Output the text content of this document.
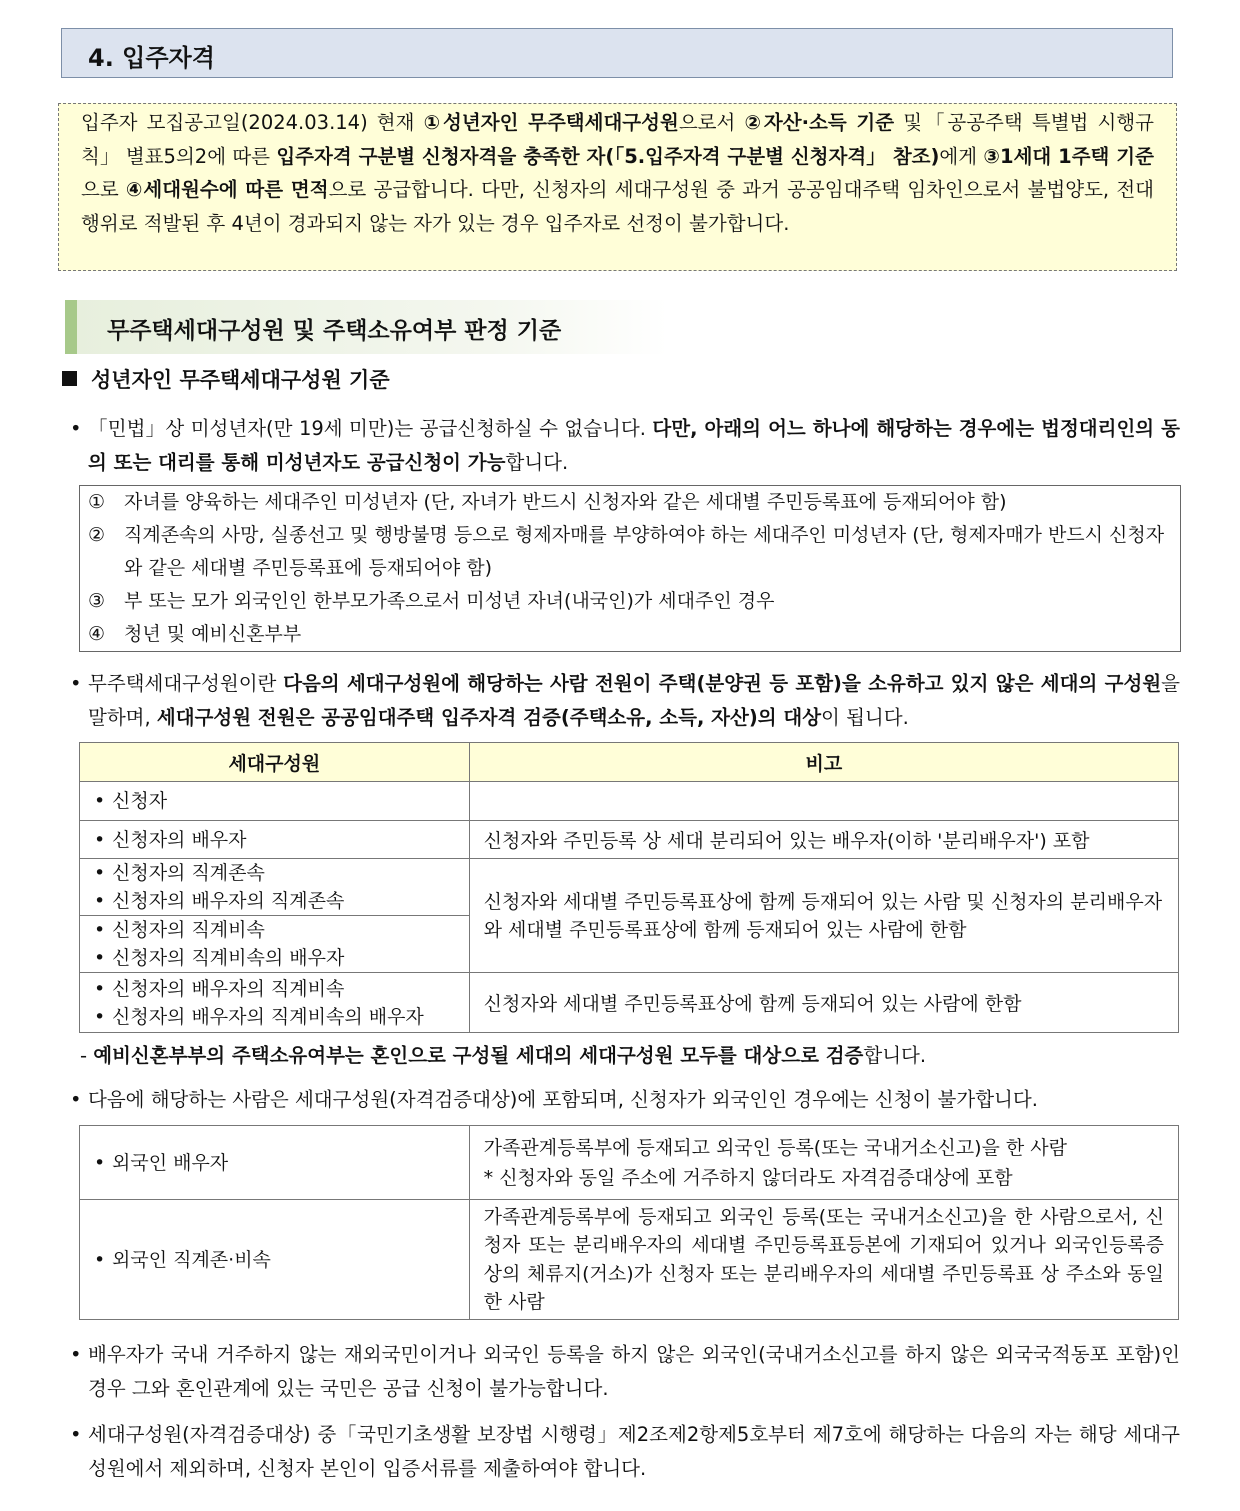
4. 입주자격
입주자 모집공고일(2024.03.14) 현재 ①성년자인 무주택세대구성원으로서 ②자산·소득 기준 및「공공주택 특별법 시행규칙」 별표5의2에 따른 입주자격 구분별 신청자격을 충족한 자(「5.입주자격 구분별 신청자격」 참조)에게 ③1세대 1주택 기준으로 ④세대원수에 따른 면적으로 공급합니다. 다만, 신청자의 세대구성원 중 과거 공공임대주택 임차인으로서 불법양도, 전대 행위로 적발된 후 4년이 경과되지 않는 자가 있는 경우 입주자로 선정이 불가합니다.
무주택세대구성원 및 주택소유여부 판정 기준
성년자인 무주택세대구성원 기준
• 「민법」상 미성년자(만 19세 미만)는 공급신청하실 수 없습니다. 다만, 아래의 어느 하나에 해당하는 경우에는 법정대리인의 동의 또는 대리를 통해 미성년자도 공급신청이 가능합니다.
① 자녀를 양육하는 세대주인 미성년자 (단, 자녀가 반드시 신청자와 같은 세대별 주민등록표에 등재되어야 함)
② 직계존속의 사망, 실종선고 및 행방불명 등으로 형제자매를 부양하여야 하는 세대주인 미성년자 (단, 형제자매가 반드시 신청자와 같은 세대별 주민등록표에 등재되어야 함)
③ 부 또는 모가 외국인인 한부모가족으로서 미성년 자녀(내국인)가 세대주인 경우
④ 청년 및 예비신혼부부
• 무주택세대구성원이란 다음의 세대구성원에 해당하는 사람 전원이 주택(분양권 등 포함)을 소유하고 있지 않은 세대의 구성원을 말하며, 세대구성원 전원은 공공임대주택 입주자격 검증(주택소유, 소득, 자산)의 대상이 됩니다.
세대구성원	비고

• 신청자

• 신청자의 배우자	신청자와 주민등록 상 세대 분리되어 있는 배우자(이하 '분리배우자') 포함

• 신청자의 직계존속
• 신청자의 배우자의 직계존속	신청자와 세대별 주민등록표상에 함께 등재되어 있는 사람 및 신청자의 분리배우자와 세대별 주민등록표상에 함께 등재되어 있는 사람에 한함

• 신청자의 직계비속
• 신청자의 직계비속의 배우자

• 신청자의 배우자의 직계비속
• 신청자의 배우자의 직계비속의 배우자	신청자와 세대별 주민등록표상에 함께 등재되어 있는 사람에 한함
- 예비신혼부부의 주택소유여부는 혼인으로 구성될 세대의 세대구성원 모두를 대상으로 검증합니다.
• 다음에 해당하는 사람은 세대구성원(자격검증대상)에 포함되며, 신청자가 외국인인 경우에는 신청이 불가합니다.
• 외국인 배우자	가족관계등록부에 등재되고 외국인 등록(또는 국내거소신고)을 한 사람
* 신청자와 동일 주소에 거주하지 않더라도 자격검증대상에 포함

• 외국인 직계존·비속	가족관계등록부에 등재되고 외국인 등록(또는 국내거소신고)을 한 사람으로서, 신청자 또는 분리배우자의 세대별 주민등록표등본에 기재되어 있거나 외국인등록증 상의 체류지(거소)가 신청자 또는 분리배우자의 세대별 주민등록표 상 주소와 동일한 사람
• 배우자가 국내 거주하지 않는 재외국민이거나 외국인 등록을 하지 않은 외국인(국내거소신고를 하지 않은 외국국적동포 포함)인 경우 그와 혼인관계에 있는 국민은 공급 신청이 불가능합니다.
• 세대구성원(자격검증대상) 중「국민기초생활 보장법 시행령」제2조제2항제5호부터 제7호에 해당하는 다음의 자는 해당 세대구성원에서 제외하며, 신청자 본인이 입증서류를 제출하여야 합니다.
